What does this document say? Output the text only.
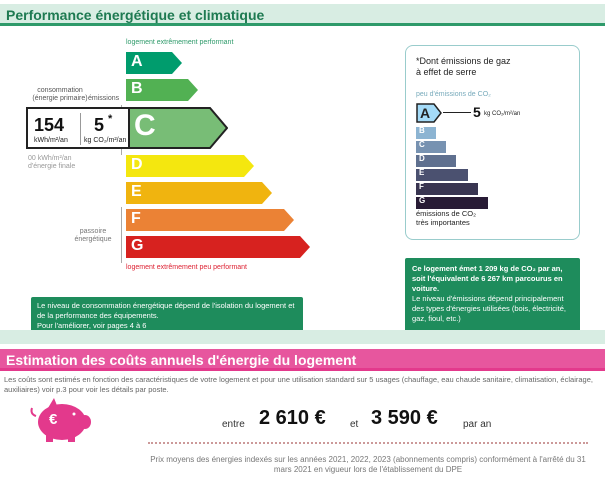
Performance énergétique et climatique
logement extrêmement performant
consommation
(énergie primaire) émissions
A
B
C
D
E
F
G
logement extrêmement peu performant
154
kWh/m²/an
5 *
kg CO₂/m²/an
00 kWh/m²/an
d'énergie finale
passoire
énergétique
*Dont émissions de gaz
à effet de serre
peu d'émissions de CO₂
A	5 kg CO₂/m²/an
B
C
D
E
F
G
émissions de CO₂
très importantes
Ce logement émet 1 209 kg de CO₂ par an, soit l'équivalent de 6 267 km parcourus en voiture.
Le niveau d'émissions dépend principalement des types d'énergies utilisées (bois, électricité, gaz, fioul, etc.)
Le niveau de consommation énergétique dépend de l'isolation du logement et de la performance des équipements.
Pour l'améliorer, voir pages 4 à 6
Estimation des coûts annuels d'énergie du logement
Les coûts sont estimés en fonction des caractéristiques de votre logement et pour une utilisation standard sur 5 usages (chauffage, eau chaude sanitaire, climatisation, éclairage, auxiliaires) voir p.3 pour voir les détails par poste.
€	entre 2 610 € et 3 590 €	par an
Prix moyens des énergies indexés sur les années 2021, 2022, 2023 (abonnements compris) conformément à l'arrêté du 31 mars 2021 en vigueur lors de l'établissement du DPE
